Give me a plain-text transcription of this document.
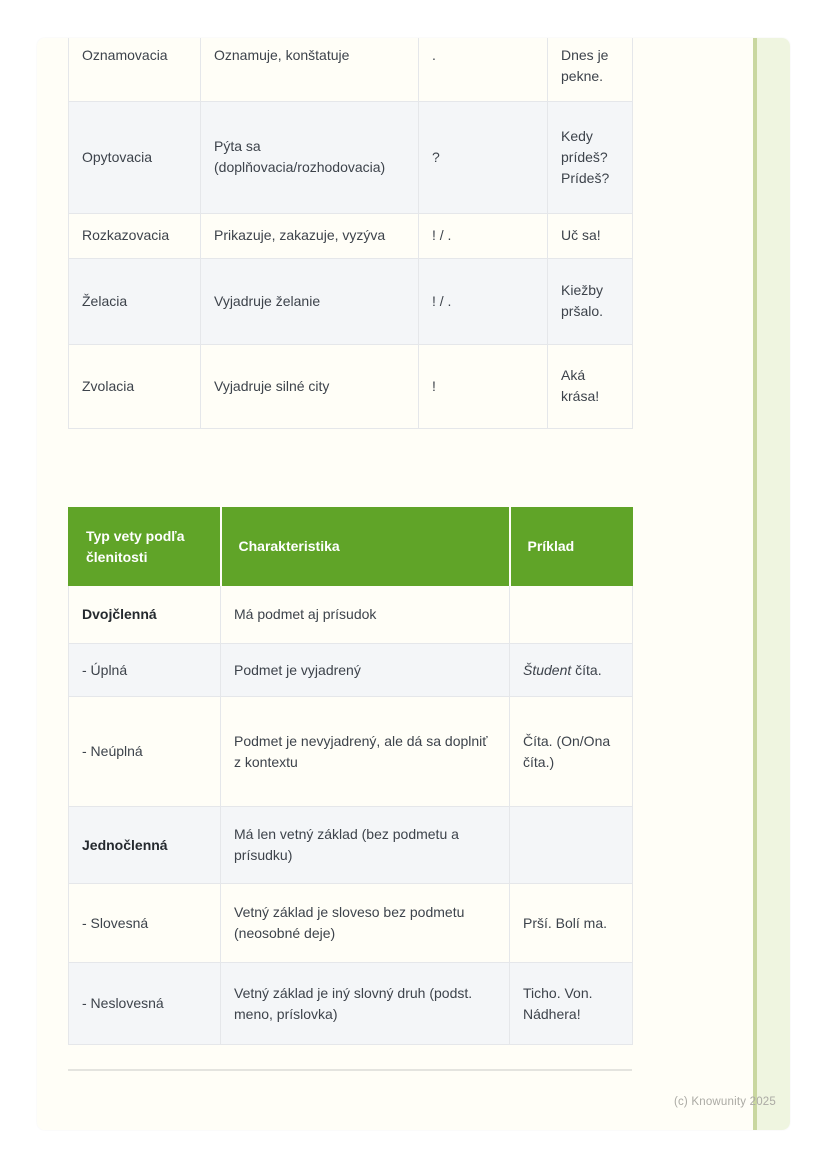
Oznamovacia	Oznamuje, konštatuje	.	Dnes je pekne.
Opytovacia	Pýta sa (doplňovacia/rozhodovacia)	?	Kedy prídeš? Prídeš?
Rozkazovacia	Prikazuje, zakazuje, vyzýva	! / .	Uč sa!
Želacia	Vyjadruje želanie	! / .	Kiežby pršalo.
Zvolacia	Vyjadruje silné city	!	Aká krása!
Typ vety podľa členitosti	Charakteristika	Príklad
Dvojčlenná	Má podmet aj prísudok	
- Úplná	Podmet je vyjadrený	Študent číta.
- Neúplná	Podmet je nevyjadrený, ale dá sa doplniť z kontextu	Číta. (On/Ona číta.)
Jednočlenná	Má len vetný základ (bez podmetu a prísudku)	
- Slovesná	Vetný základ je sloveso bez podmetu (neosobné deje)	Prší. Bolí ma.
- Neslovesná	Vetný základ je iný slovný druh (podst. meno, príslovka)	Ticho. Von. Nádhera!
(c) Knowunity 2025
